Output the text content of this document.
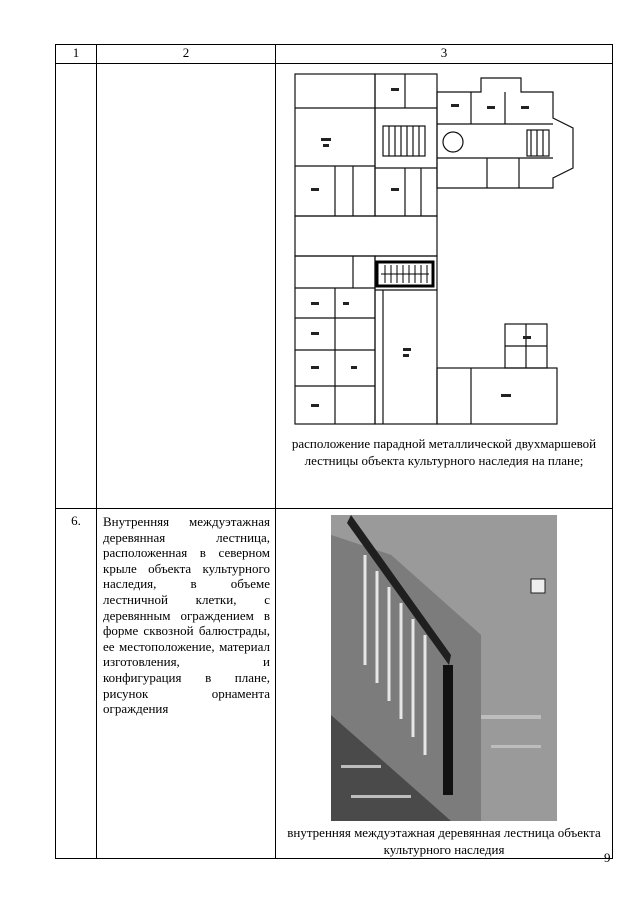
1	2	3

		расположение парадной металлической двухмаршевой лестницы объекта культурного наследия на плане;

6.	Внутренняя междуэтажная деревянная лестница, расположенная в северном крыле объекта культурного наследия, в объеме лестничной клетки, с деревянным ограждением в форме сквозной балюстрады, ее местоположение, материал изготовления, и конфигурация в плане, рисунок орнамента ограждения	внутренняя междуэтажная деревянная лестница объекта культурного наследия
9
